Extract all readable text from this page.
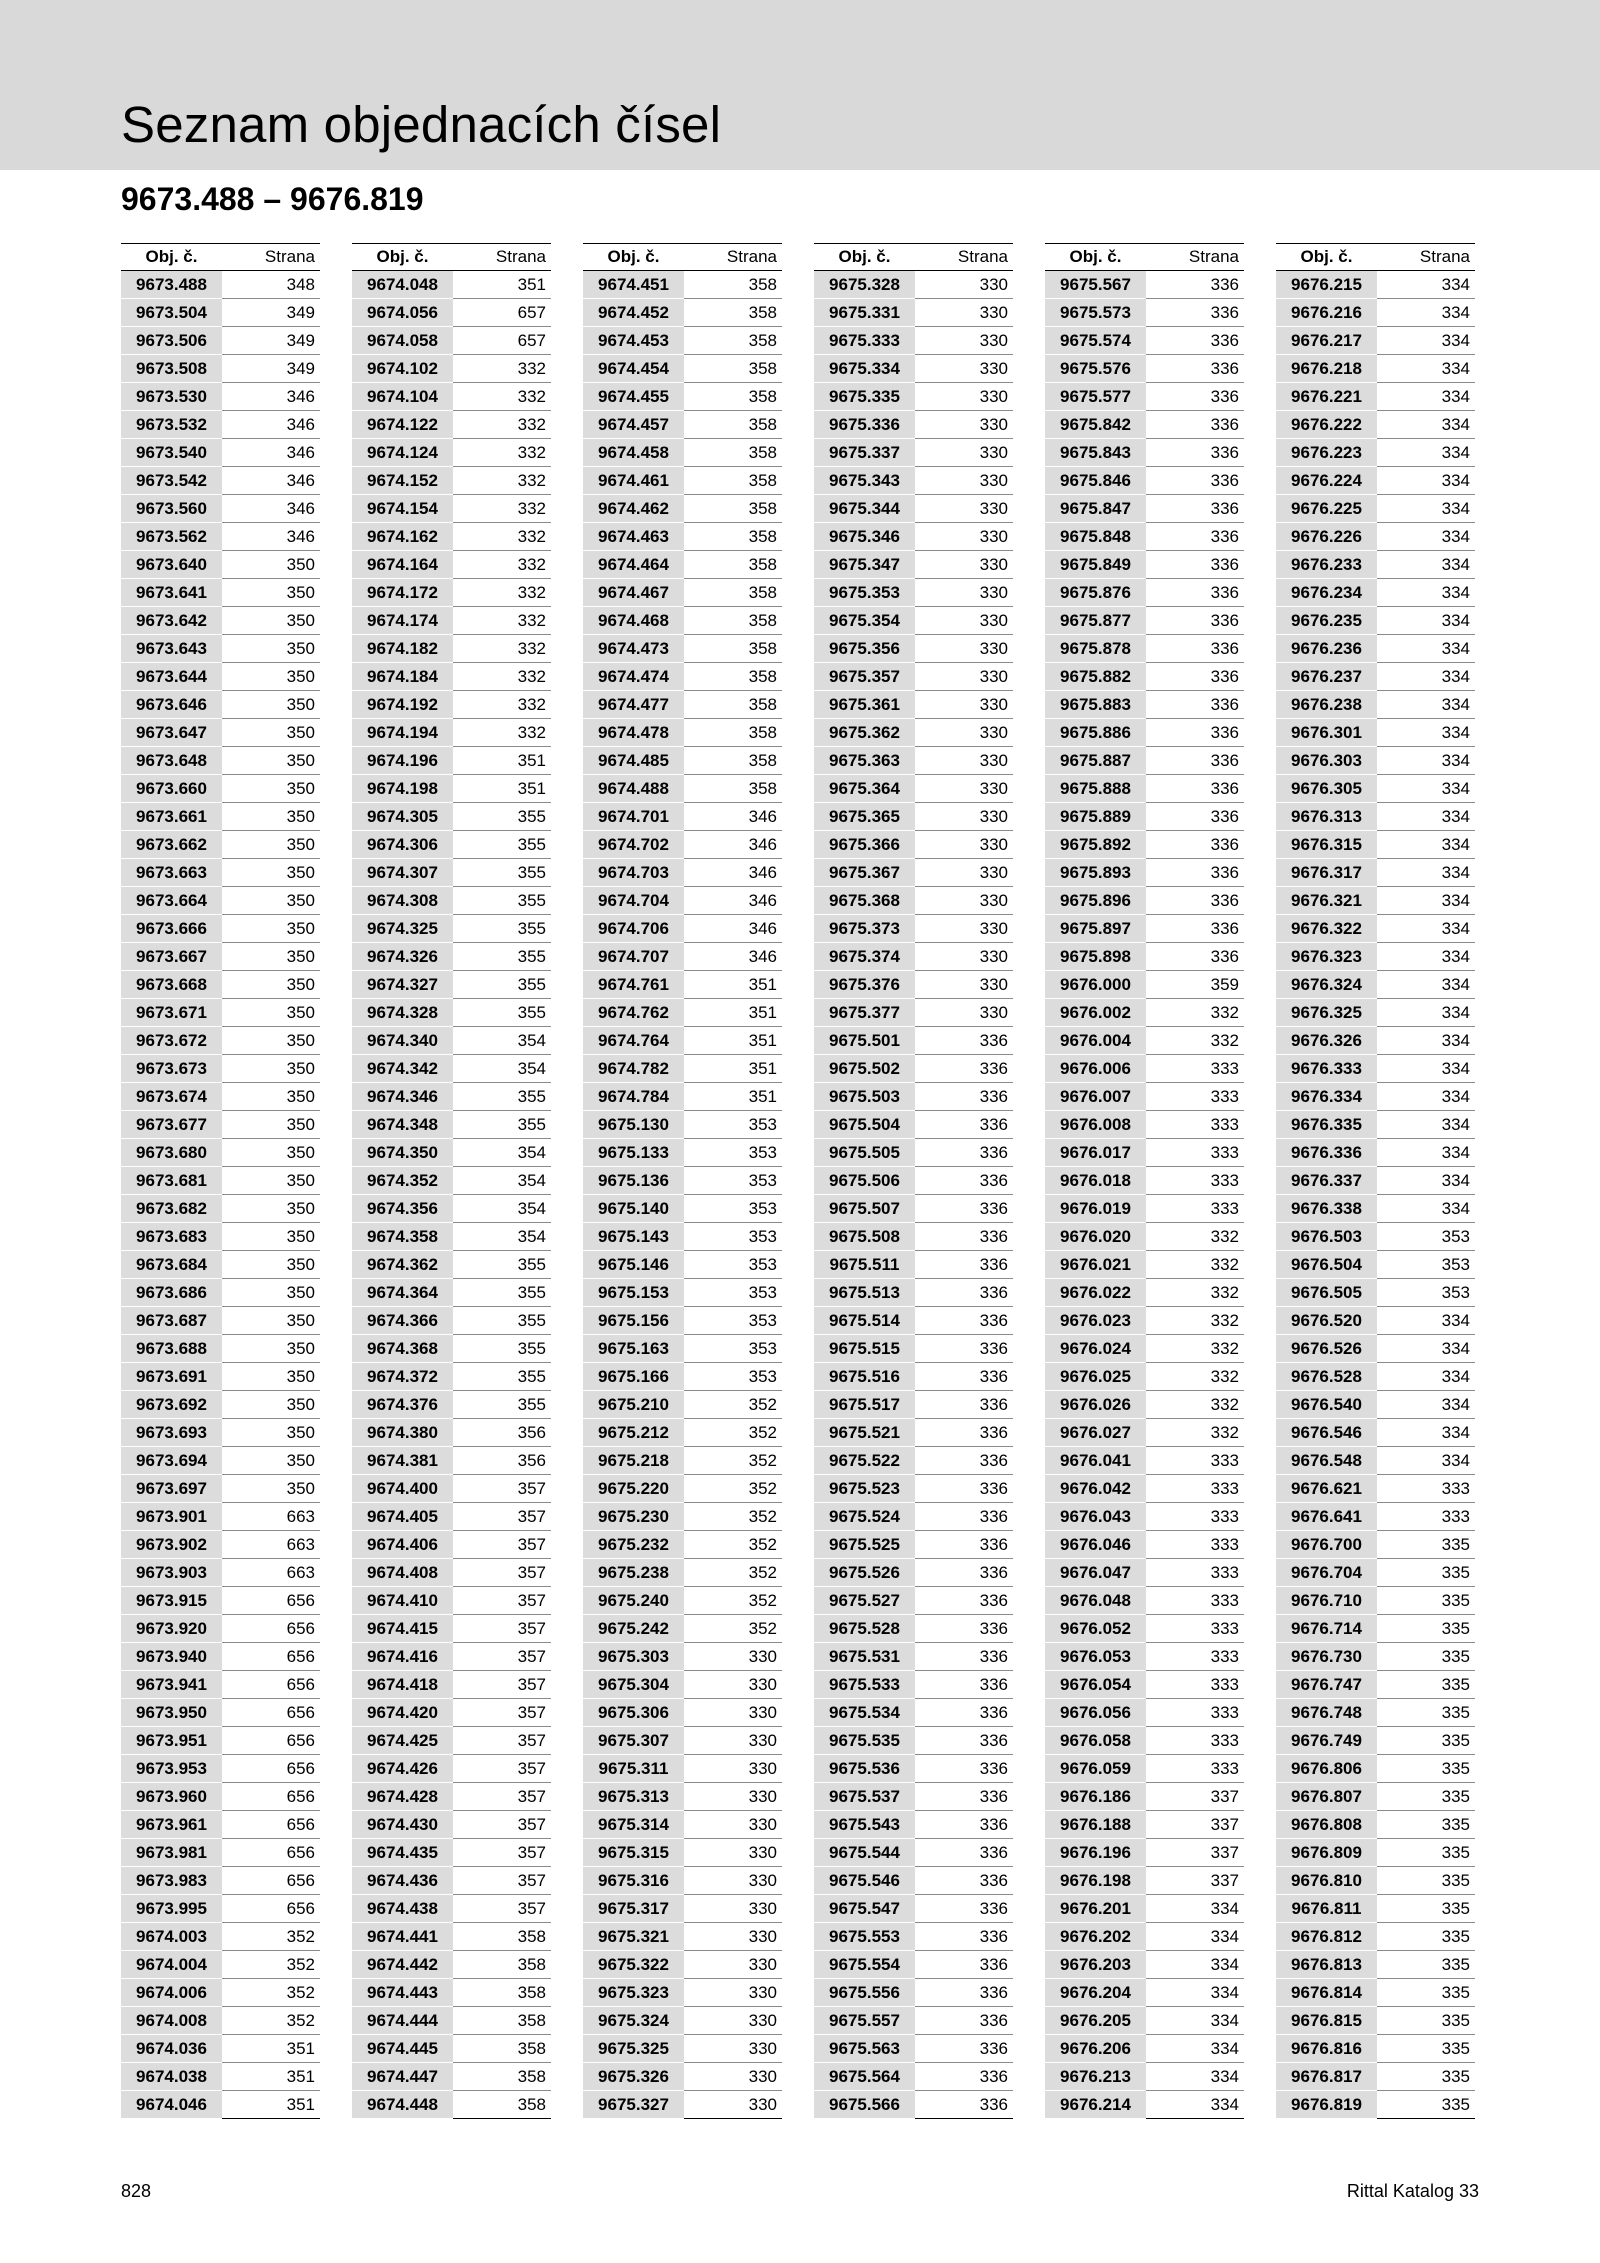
Seznam objednacích čísel
9673.488 – 9676.819
Obj. č.	Strana
9673.488	348
9673.504	349
9673.506	349
9673.508	349
9673.530	346
9673.532	346
9673.540	346
9673.542	346
9673.560	346
9673.562	346
9673.640	350
9673.641	350
9673.642	350
9673.643	350
9673.644	350
9673.646	350
9673.647	350
9673.648	350
9673.660	350
9673.661	350
9673.662	350
9673.663	350
9673.664	350
9673.666	350
9673.667	350
9673.668	350
9673.671	350
9673.672	350
9673.673	350
9673.674	350
9673.677	350
9673.680	350
9673.681	350
9673.682	350
9673.683	350
9673.684	350
9673.686	350
9673.687	350
9673.688	350
9673.691	350
9673.692	350
9673.693	350
9673.694	350
9673.697	350
9673.901	663
9673.902	663
9673.903	663
9673.915	656
9673.920	656
9673.940	656
9673.941	656
9673.950	656
9673.951	656
9673.953	656
9673.960	656
9673.961	656
9673.981	656
9673.983	656
9673.995	656
9674.003	352
9674.004	352
9674.006	352
9674.008	352
9674.036	351
9674.038	351
9674.046	351
Obj. č.	Strana
9674.048	351
9674.056	657
9674.058	657
9674.102	332
9674.104	332
9674.122	332
9674.124	332
9674.152	332
9674.154	332
9674.162	332
9674.164	332
9674.172	332
9674.174	332
9674.182	332
9674.184	332
9674.192	332
9674.194	332
9674.196	351
9674.198	351
9674.305	355
9674.306	355
9674.307	355
9674.308	355
9674.325	355
9674.326	355
9674.327	355
9674.328	355
9674.340	354
9674.342	354
9674.346	355
9674.348	355
9674.350	354
9674.352	354
9674.356	354
9674.358	354
9674.362	355
9674.364	355
9674.366	355
9674.368	355
9674.372	355
9674.376	355
9674.380	356
9674.381	356
9674.400	357
9674.405	357
9674.406	357
9674.408	357
9674.410	357
9674.415	357
9674.416	357
9674.418	357
9674.420	357
9674.425	357
9674.426	357
9674.428	357
9674.430	357
9674.435	357
9674.436	357
9674.438	357
9674.441	358
9674.442	358
9674.443	358
9674.444	358
9674.445	358
9674.447	358
9674.448	358
Obj. č.	Strana
9674.451	358
9674.452	358
9674.453	358
9674.454	358
9674.455	358
9674.457	358
9674.458	358
9674.461	358
9674.462	358
9674.463	358
9674.464	358
9674.467	358
9674.468	358
9674.473	358
9674.474	358
9674.477	358
9674.478	358
9674.485	358
9674.488	358
9674.701	346
9674.702	346
9674.703	346
9674.704	346
9674.706	346
9674.707	346
9674.761	351
9674.762	351
9674.764	351
9674.782	351
9674.784	351
9675.130	353
9675.133	353
9675.136	353
9675.140	353
9675.143	353
9675.146	353
9675.153	353
9675.156	353
9675.163	353
9675.166	353
9675.210	352
9675.212	352
9675.218	352
9675.220	352
9675.230	352
9675.232	352
9675.238	352
9675.240	352
9675.242	352
9675.303	330
9675.304	330
9675.306	330
9675.307	330
9675.311	330
9675.313	330
9675.314	330
9675.315	330
9675.316	330
9675.317	330
9675.321	330
9675.322	330
9675.323	330
9675.324	330
9675.325	330
9675.326	330
9675.327	330
Obj. č.	Strana
9675.328	330
9675.331	330
9675.333	330
9675.334	330
9675.335	330
9675.336	330
9675.337	330
9675.343	330
9675.344	330
9675.346	330
9675.347	330
9675.353	330
9675.354	330
9675.356	330
9675.357	330
9675.361	330
9675.362	330
9675.363	330
9675.364	330
9675.365	330
9675.366	330
9675.367	330
9675.368	330
9675.373	330
9675.374	330
9675.376	330
9675.377	330
9675.501	336
9675.502	336
9675.503	336
9675.504	336
9675.505	336
9675.506	336
9675.507	336
9675.508	336
9675.511	336
9675.513	336
9675.514	336
9675.515	336
9675.516	336
9675.517	336
9675.521	336
9675.522	336
9675.523	336
9675.524	336
9675.525	336
9675.526	336
9675.527	336
9675.528	336
9675.531	336
9675.533	336
9675.534	336
9675.535	336
9675.536	336
9675.537	336
9675.543	336
9675.544	336
9675.546	336
9675.547	336
9675.553	336
9675.554	336
9675.556	336
9675.557	336
9675.563	336
9675.564	336
9675.566	336
Obj. č.	Strana
9675.567	336
9675.573	336
9675.574	336
9675.576	336
9675.577	336
9675.842	336
9675.843	336
9675.846	336
9675.847	336
9675.848	336
9675.849	336
9675.876	336
9675.877	336
9675.878	336
9675.882	336
9675.883	336
9675.886	336
9675.887	336
9675.888	336
9675.889	336
9675.892	336
9675.893	336
9675.896	336
9675.897	336
9675.898	336
9676.000	359
9676.002	332
9676.004	332
9676.006	333
9676.007	333
9676.008	333
9676.017	333
9676.018	333
9676.019	333
9676.020	332
9676.021	332
9676.022	332
9676.023	332
9676.024	332
9676.025	332
9676.026	332
9676.027	332
9676.041	333
9676.042	333
9676.043	333
9676.046	333
9676.047	333
9676.048	333
9676.052	333
9676.053	333
9676.054	333
9676.056	333
9676.058	333
9676.059	333
9676.186	337
9676.188	337
9676.196	337
9676.198	337
9676.201	334
9676.202	334
9676.203	334
9676.204	334
9676.205	334
9676.206	334
9676.213	334
9676.214	334
Obj. č.	Strana
9676.215	334
9676.216	334
9676.217	334
9676.218	334
9676.221	334
9676.222	334
9676.223	334
9676.224	334
9676.225	334
9676.226	334
9676.233	334
9676.234	334
9676.235	334
9676.236	334
9676.237	334
9676.238	334
9676.301	334
9676.303	334
9676.305	334
9676.313	334
9676.315	334
9676.317	334
9676.321	334
9676.322	334
9676.323	334
9676.324	334
9676.325	334
9676.326	334
9676.333	334
9676.334	334
9676.335	334
9676.336	334
9676.337	334
9676.338	334
9676.503	353
9676.504	353
9676.505	353
9676.520	334
9676.526	334
9676.528	334
9676.540	334
9676.546	334
9676.548	334
9676.621	333
9676.641	333
9676.700	335
9676.704	335
9676.710	335
9676.714	335
9676.730	335
9676.747	335
9676.748	335
9676.749	335
9676.806	335
9676.807	335
9676.808	335
9676.809	335
9676.810	335
9676.811	335
9676.812	335
9676.813	335
9676.814	335
9676.815	335
9676.816	335
9676.817	335
9676.819	335
828	Rittal Katalog 33
